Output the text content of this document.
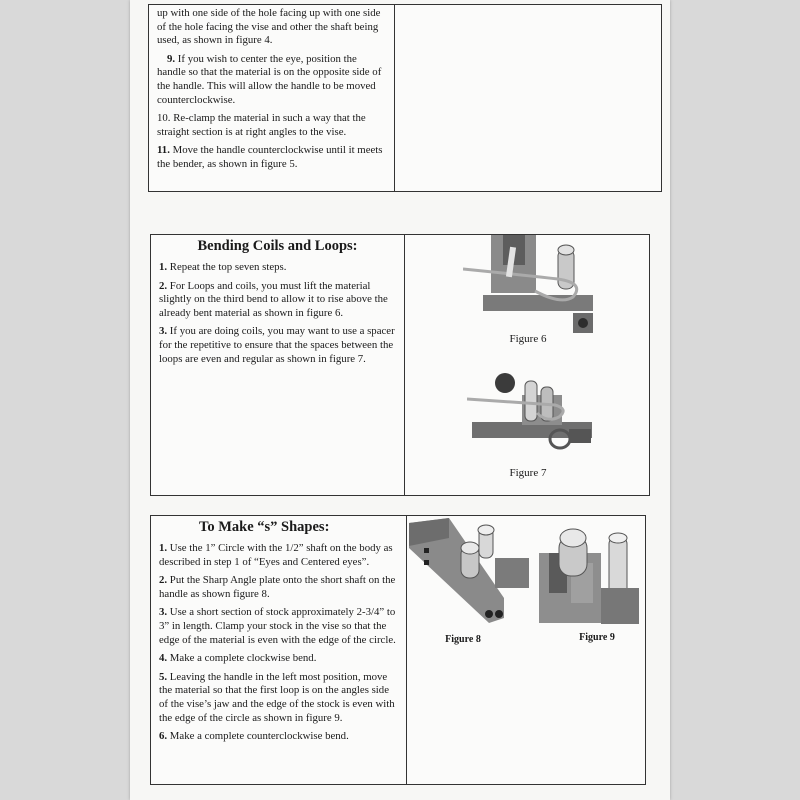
up with one side of the hole facing up with one side of the hole facing the vise and other the shaft being used, as shown in figure 4.

9. If you wish to center the eye, position the handle so that the material is on the opposite side of the handle. This will allow the handle to be moved counterclockwise.

10. Re-clamp the material in such a way that the straight section is at right angles to the vise.

11. Move the handle counterclockwise until it meets the bender, as shown in figure 5.

Bending Coils and Loops:

1. Repeat the top seven steps.

2. For Loops and coils, you must lift the material slightly on the third bend to allow it to rise above the already bent material as shown in figure 6.

3. If you are doing coils, you may want to use a spacer for the repetitive to ensure that the spaces between the loops are even and regular as shown in figure 7.

Figure 6
Figure 7
To Make “s” Shapes:

1. Use the 1” Circle with the 1/2” shaft on the body as described in step 1 of “Eyes and Centered eyes”.

2. Put the Sharp Angle plate onto the short shaft on the handle as shown figure 8.

3. Use a short section of stock approximately 2-3/4” to 3” in length. Clamp your stock in the vise so that the edge of the material is even with the edge of the circle.

4. Make a complete clockwise bend.

5. Leaving the handle in the left most position, move the material so that the first loop is on the angles side of the vise’s jaw and the edge of the stock is even with the edge of the circle as shown in figure 9.

6. Make a complete counterclockwise bend.

Figure 8	Figure 9
